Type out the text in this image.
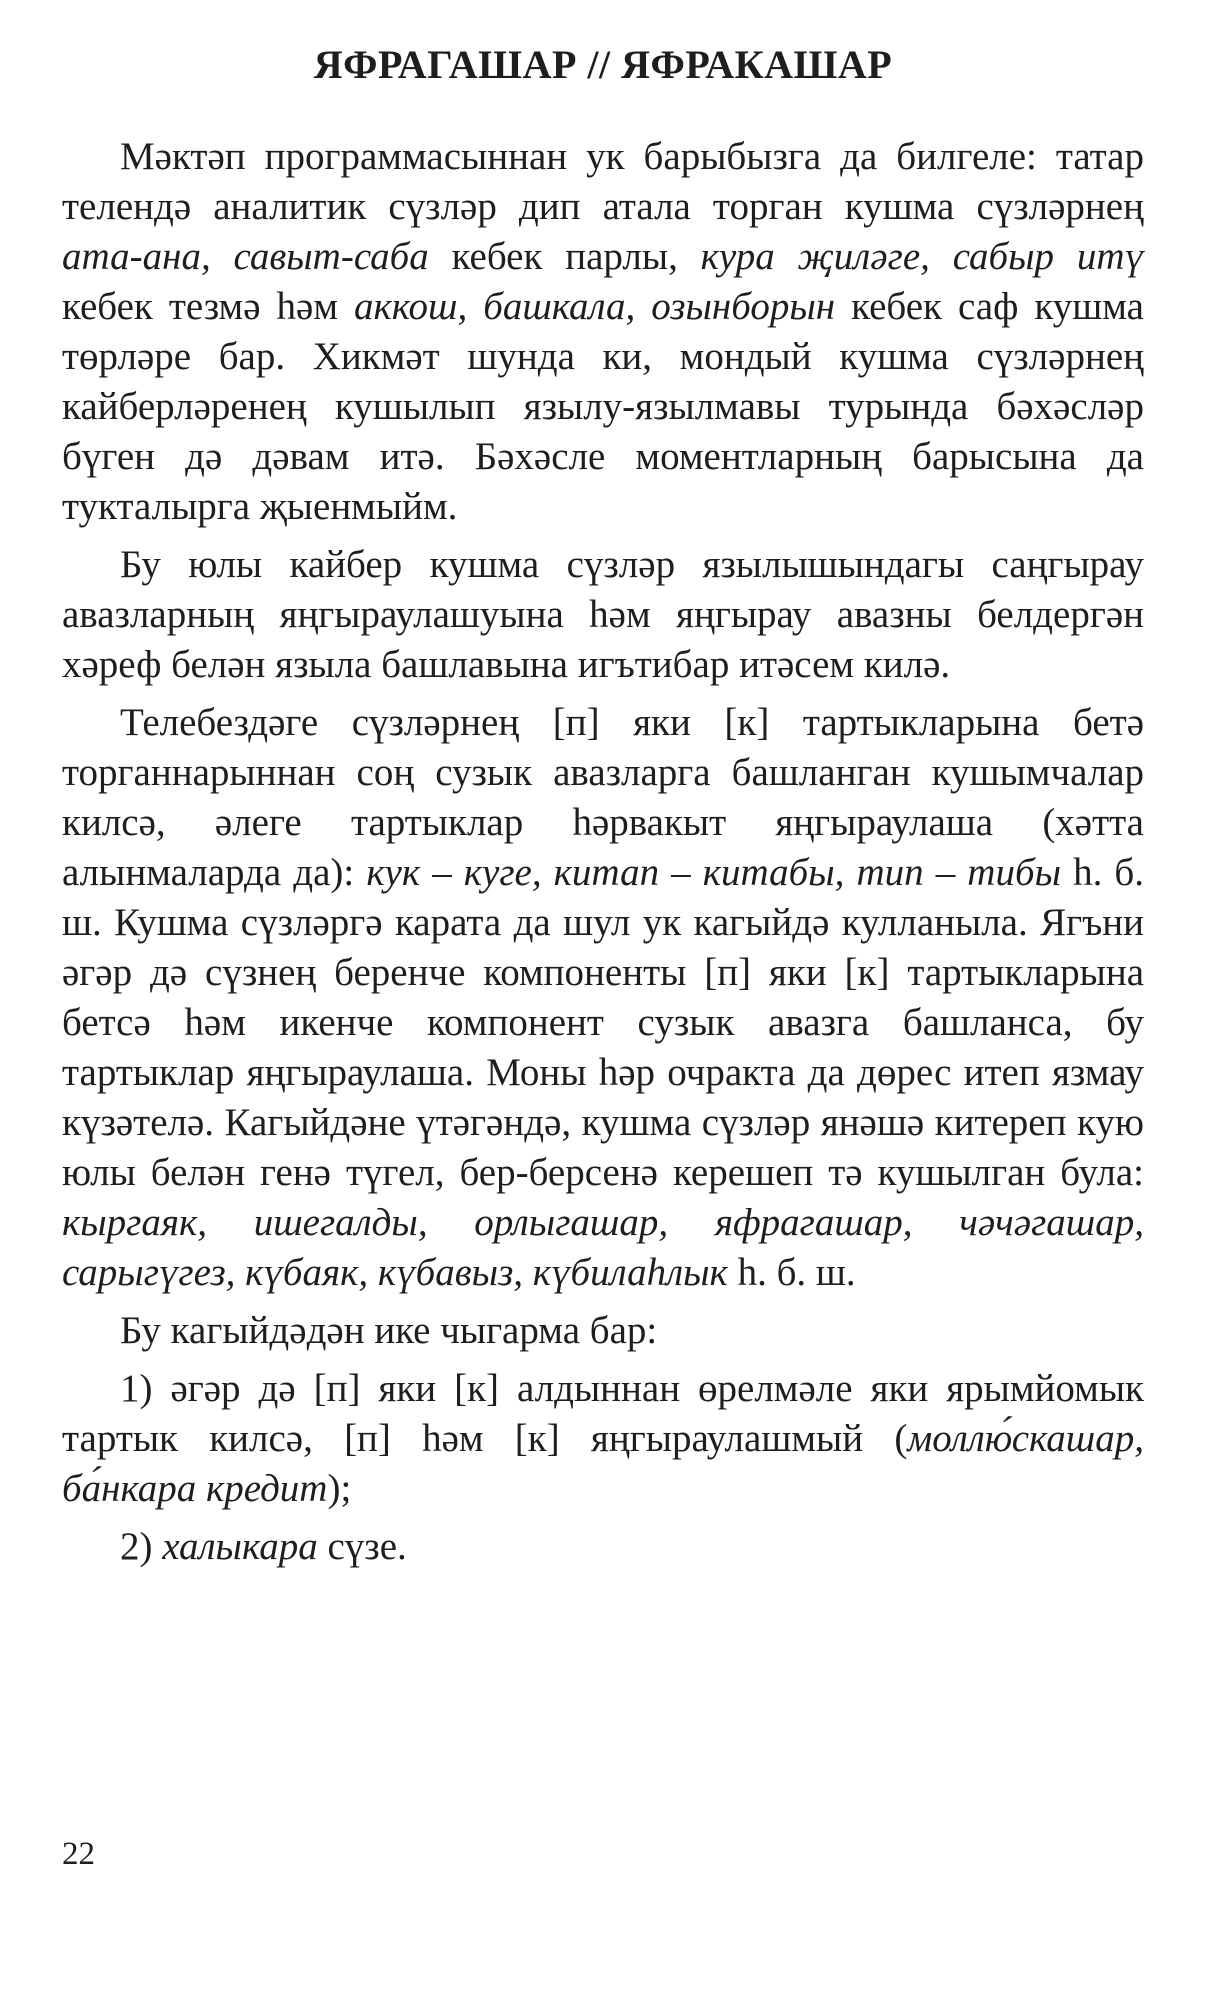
ЯФРАГАШАР // ЯФРАКАШАР

Мәктәп программасыннан ук барыбызга да билгеле: татар телендә аналитик сүзләр дип атала торган кушма сүзләрнең ата-ана, савыт-саба кебек парлы, кура җиләге, сабыр итү кебек тезмә һәм аккош, башкала, озынборын кебек саф кушма төрләре бар. Хикмәт шунда ки, мондый кушма сүзләрнең кайберләренең кушылып язылу-язылмавы турында бәхәсләр бүген дә дәвам итә. Бәхәсле моментларның барысына да тукталырга җыенмыйм.

Бу юлы кайбер кушма сүзләр язылышындагы саңгырау авазларның яңгыраулашуына һәм яңгырау авазны белдергән хәреф белән языла башлавына игътибар итәсем килә.

Телебездәге сүзләрнең [п] яки [к] тартыкларына бетә торганнарыннан соң сузык авазларга башланган кушымчалар килсә, әлеге тартыклар һәрвакыт яңгыраулаша (хәтта алынмаларда да): кук – куге, китап – китабы, тип – тибы һ. б. ш. Кушма сүзләргә карата да шул ук кагыйдә кулланыла. Ягъни әгәр дә сүзнең беренче компоненты [п] яки [к] тартыкларына бетсә һәм икенче компонент сузык авазга башланса, бу тартыклар яңгыраулаша. Моны һәр очракта да дөрес итеп язмау күзәтелә. Кагыйдәне үтәгәндә, кушма сүзләр янәшә китереп кую юлы белән генә түгел, бер-берсенә керешеп тә кушылган була: кыргаяк, ишегалды, орлыгашар, яфрагашар, чәчәгашар, сарыгүгез, күбаяк, күбавыз, күбилаһлык һ. б. ш.

Бу кагыйдәдән ике чыгарма бар:

1) әгәр дә [п] яки [к] алдыннан өрелмәле яки ярымйомык тартык килсә, [п] һәм [к] яңгыраулашмый (моллю́скашар, ба́нкара кредит);

2) халыкара сүзе.

22
